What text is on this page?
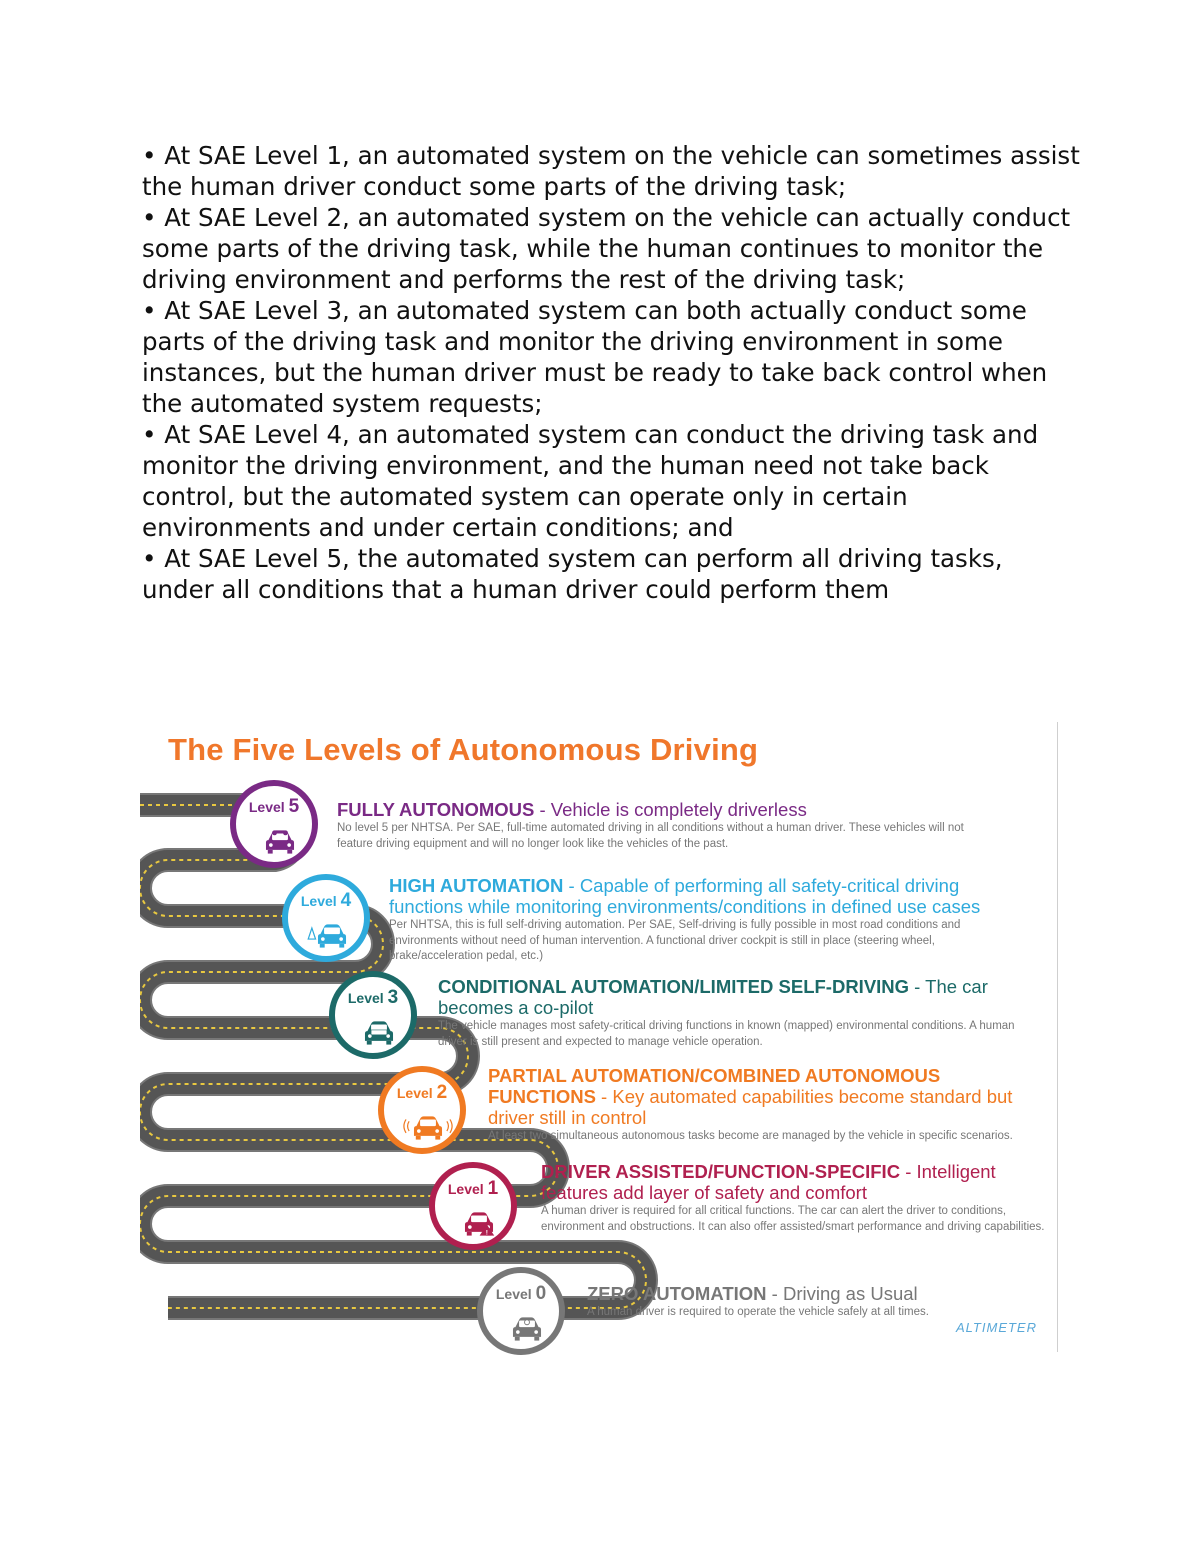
• At SAE Level 1, an automated system on the vehicle can sometimes assist the human driver conduct some parts of the driving task;

• At SAE Level 2, an automated system on the vehicle can actually conduct some parts of the driving task, while the human continues to monitor the driving environment and performs the rest of the driving task;

• At SAE Level 3, an automated system can both actually conduct some parts of the driving task and monitor the driving environment in some instances, but the human driver must be ready to take back control when the automated system requests;

• At SAE Level 4, an automated system can conduct the driving task and monitor the driving environment, and the human need not take back control, but the automated system can operate only in certain environments and under certain conditions; and

• At SAE Level 5, the automated system can perform all driving tasks, under all conditions that a human driver could perform them

The Five Levels of Autonomous Driving
Level 5	FULLY AUTONOMOUS - Vehicle is completely driverless
No level 5 per NHTSA. Per SAE, full-time automated driving in all conditions without a human driver. These vehicles will not feature driving equipment and will no longer look like the vehicles of the past.
Level 4
HIGH AUTOMATION - Capable of performing all safety-critical driving functions while monitoring environments/conditions in defined use cases
Per NHTSA, this is full self-driving automation. Per SAE, Self-driving is fully possible in most road conditions and environments without need of human intervention. A functional driver cockpit is still in place (steering wheel, brake/acceleration pedal, etc.)
Level 3
CONDITIONAL AUTOMATION/LIMITED SELF-DRIVING - The car becomes a co-pilot
The vehicle manages most safety-critical driving functions in known (mapped) environmental conditions. A human driver is still present and expected to manage vehicle operation.
Level 2
PARTIAL AUTOMATION/COMBINED AUTONOMOUS FUNCTIONS - Key automated capabilities become standard but driver still in control
At least two simultaneous autonomous tasks become are managed by the vehicle in specific scenarios.
Level 1
!
DRIVER ASSISTED/FUNCTION-SPECIFIC - Intelligent features add layer of safety and comfort
A human driver is required for all critical functions. The car can alert the driver to conditions, environment and obstructions. It can also offer assisted/smart performance and driving capabilities.
Level 0	ZERO AUTOMATION - Driving as Usual
A human driver is required to operate the vehicle safely at all times.
ALTIMETER
